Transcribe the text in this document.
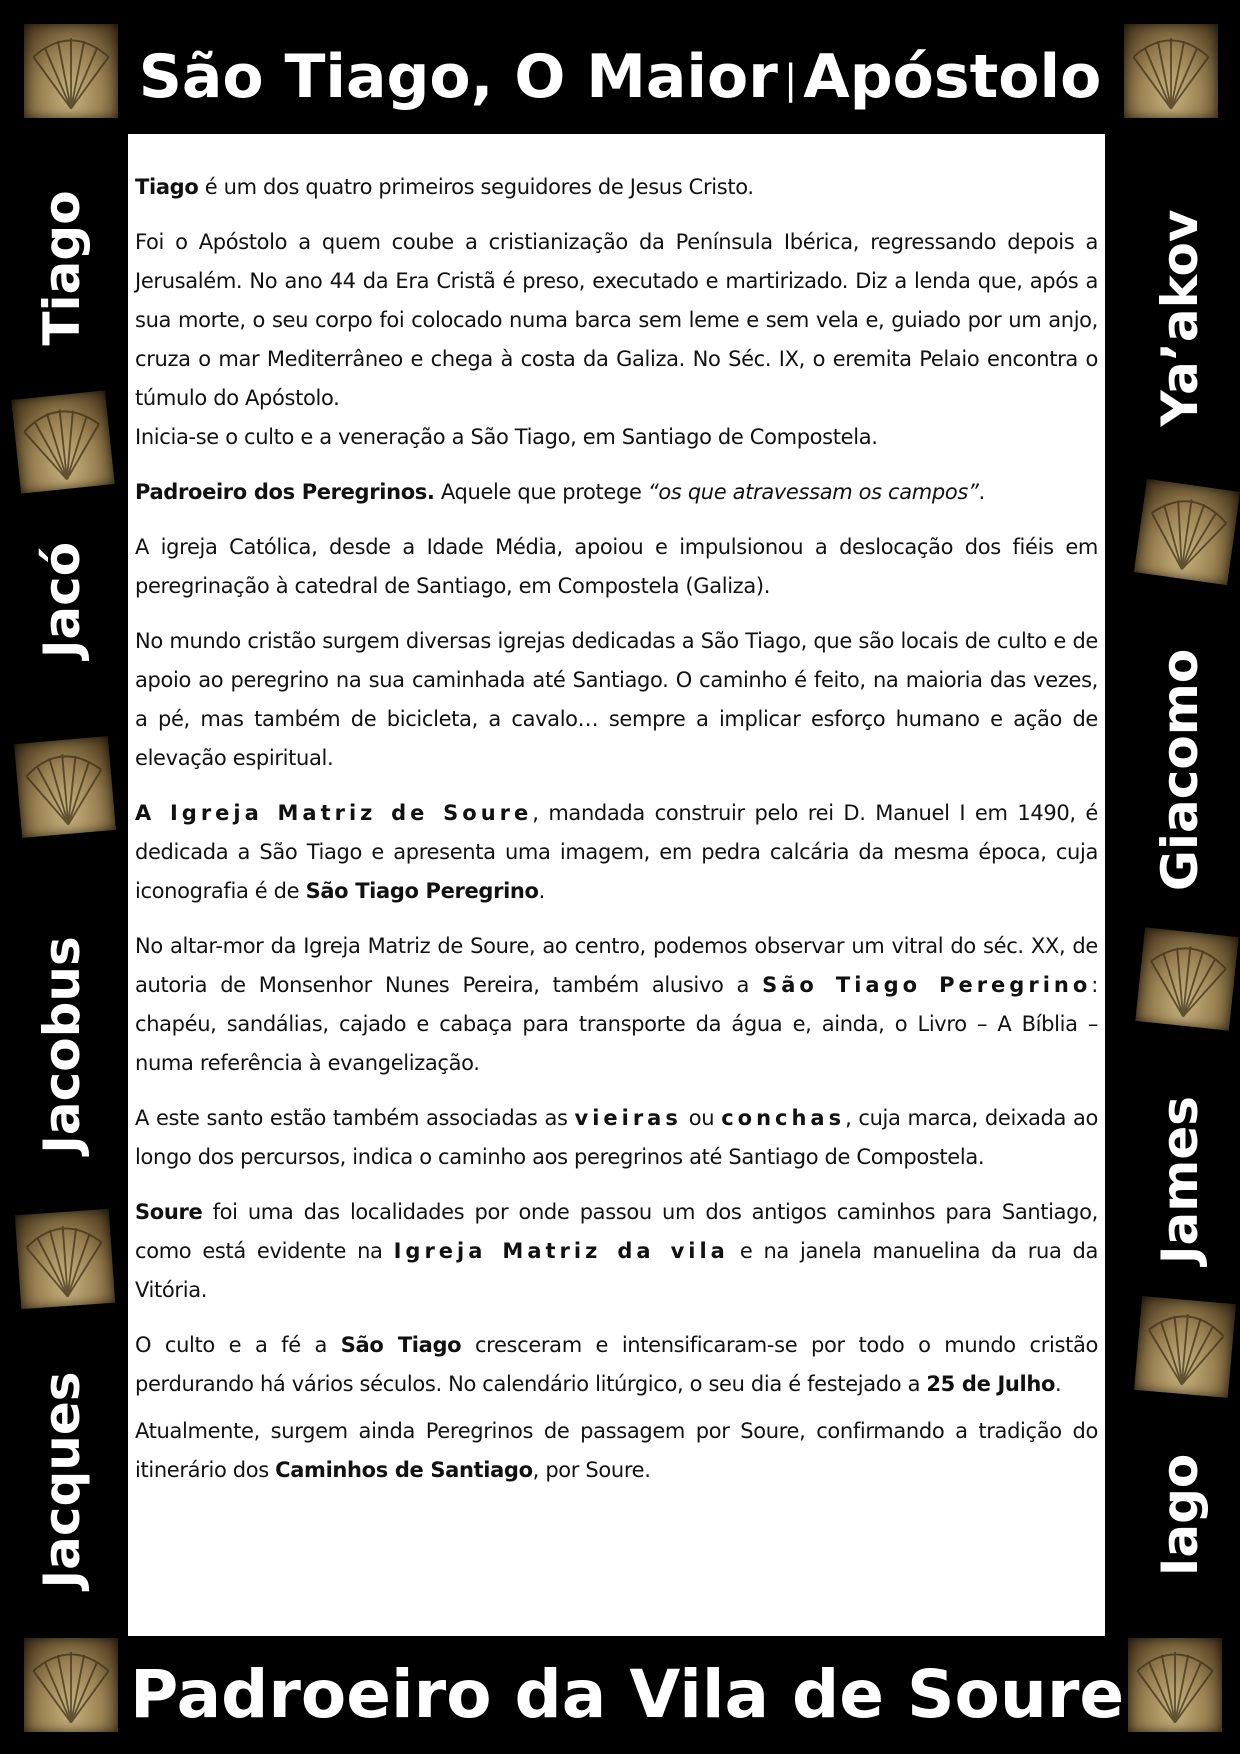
São Tiago, O Maior | Apóstolo
Tiago
Jacó
Jacobus
Jacques
Ya’akov
Giacomo
James
Iago

Tiago é um dos quatro primeiros seguidores de Jesus Cristo.

Foi o Apóstolo a quem coube a cristianização da Península Ibérica, regressando depois a Jerusalém. No ano 44 da Era Cristã é preso, executado e martirizado. Diz a lenda que, após a sua morte, o seu corpo foi colocado numa barca sem leme e sem vela e, guiado por um anjo, cruza o mar Mediterrâneo e chega à costa da Galiza. No Séc. IX, o eremita Pelaio encontra o túmulo do Apóstolo.

Inicia-se o culto e a veneração a São Tiago, em Santiago de Compostela.

Padroeiro dos Peregrinos. Aquele que protege “os que atravessam os campos”.

A igreja Católica, desde a Idade Média, apoiou e impulsionou a deslocação dos fiéis em peregrinação à catedral de Santiago, em Compostela (Galiza).

No mundo cristão surgem diversas igrejas dedicadas a São Tiago, que são locais de culto e de apoio ao peregrino na sua caminhada até Santiago. O caminho é feito, na maioria das vezes, a pé, mas também de bicicleta, a cavalo… sempre a implicar esforço humano e ação de elevação espiritual.

A Igreja Matriz de Soure, mandada construir pelo rei D. Manuel I em 1490, é dedicada a São Tiago e apresenta uma imagem, em pedra calcária da mesma época, cuja iconografia é de São Tiago Peregrino.

No altar-mor da Igreja Matriz de Soure, ao centro, podemos observar um vitral do séc. XX, de autoria de Monsenhor Nunes Pereira, também alusivo a São Tiago Peregrino: chapéu, sandálias, cajado e cabaça para transporte da água e, ainda, o Livro – A Bíblia – numa referência à evangelização.

A este santo estão também associadas as vieiras ou conchas, cuja marca, deixada ao longo dos percursos, indica o caminho aos peregrinos até Santiago de Compostela.

Soure foi uma das localidades por onde passou um dos antigos caminhos para Santiago, como está evidente na Igreja Matriz da vila e na janela manuelina da rua da Vitória.

O culto e a fé a São Tiago cresceram e intensificaram-se por todo o mundo cristão perdurando há vários séculos. No calendário litúrgico, o seu dia é festejado a 25 de Julho.

Atualmente, surgem ainda Peregrinos de passagem por Soure, confirmando a tradição do itinerário dos Caminhos de Santiago, por Soure.

Padroeiro da Vila de Soure
